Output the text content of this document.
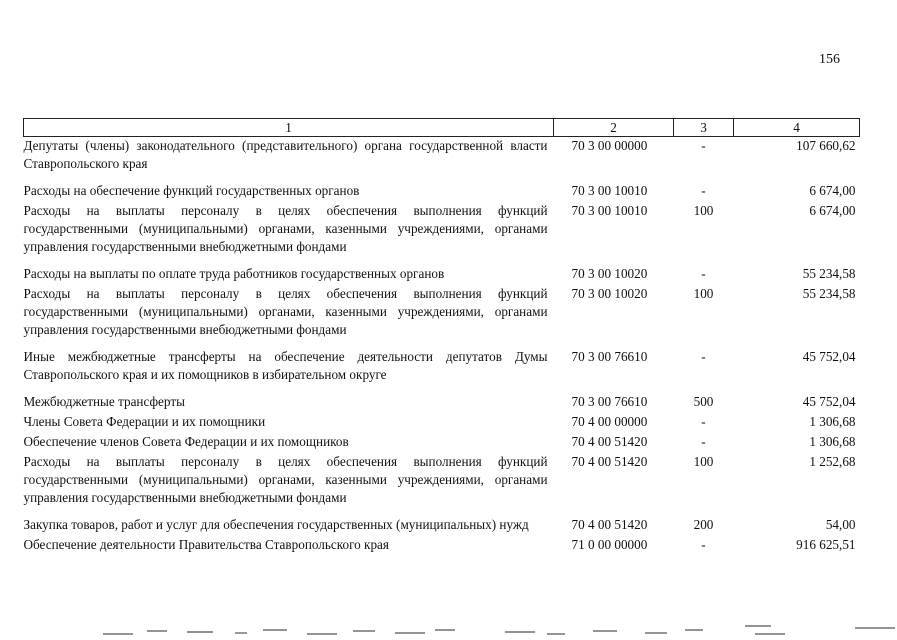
156
1	2	3	4
Депутаты (члены) законодательного (представительного) органа государственной власти Ставропольского края	70 3 00 00000	-	107 660,62
Расходы на обеспечение функций государственных органов	70 3 00 10010	-	6 674,00
Расходы на выплаты персоналу в целях обеспечения выполнения функций государственными (муниципальными) органами, казенными учреждениями, органами управления государственными внебюджетными фондами	70 3 00 10010	100	6 674,00
Расходы на выплаты по оплате труда работников государственных органов	70 3 00 10020	-	55 234,58
Расходы на выплаты персоналу в целях обеспечения выполнения функций государственными (муниципальными) органами, казенными учреждениями, органами управления государственными внебюджетными фондами	70 3 00 10020	100	55 234,58
Иные межбюджетные трансферты на обеспечение деятельности депутатов Думы Ставропольского края и их помощников в избирательном округе	70 3 00 76610	-	45 752,04
Межбюджетные трансферты	70 3 00 76610	500	45 752,04
Члены Совета Федерации и их помощники	70 4 00 00000	-	1 306,68
Обеспечение членов Совета Федерации и их помощников	70 4 00 51420	-	1 306,68
Расходы на выплаты персоналу в целях обеспечения выполнения функций государственными (муниципальными) органами, казенными учреждениями, органами управления государственными внебюджетными фондами	70 4 00 51420	100	1 252,68
Закупка товаров, работ и услуг для обеспечения государственных (муниципальных) нужд	70 4 00 51420	200	54,00
Обеспечение деятельности Правительства Ставропольского края	71 0 00 00000	-	916 625,51
